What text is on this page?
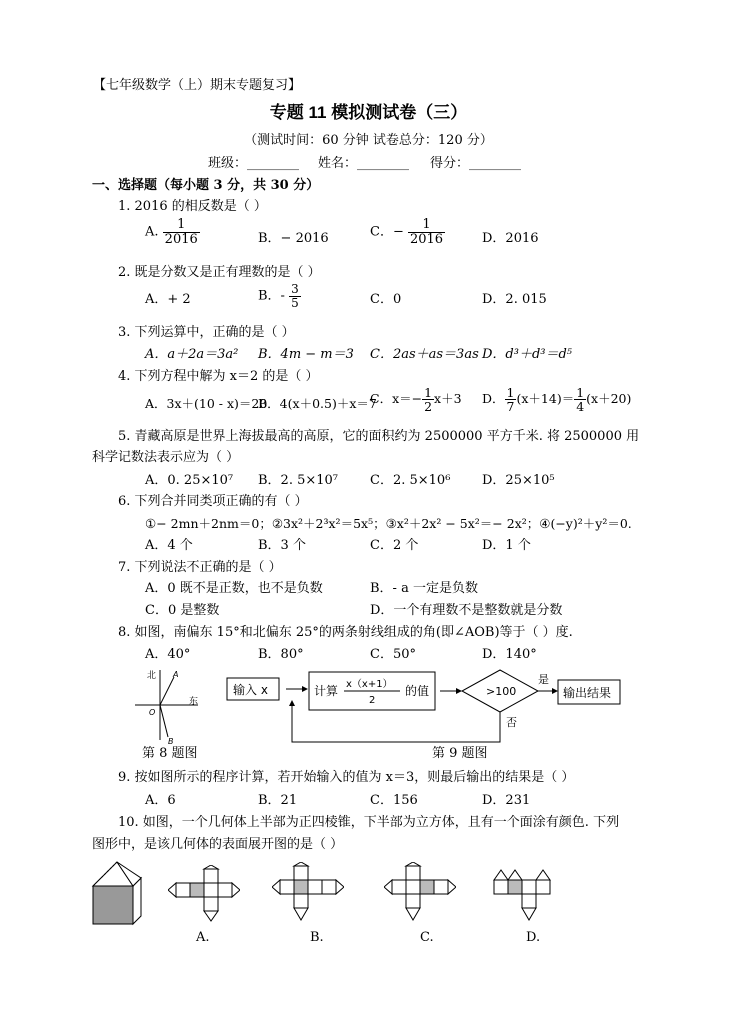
【七年级数学（上）期末专题复习】
专题 11 模拟测试卷（三）
（测试时间：60 分钟 试卷总分：120 分）
班级：________ 姓名：________ 得分：________
一、选择题（每小题 3 分，共 30 分）
1. 2016 的相反数是（ ）
A. $\frac{1}{2016}$	B．− 2016	C．− $\frac{1}{2016}$	D．2016
2. 既是分数又是正有理数的是（ ）
A．+ 2	B．- $\frac{3}{5}$	C．0	D．2. 015
3. 下列运算中，正确的是（ ）
A．a＋2a＝3a² B．4m − m＝3 C．2as＋as＝3as D．d³＋d³＝d⁵
4. 下列方程中解为 x＝2 的是（ ）
A．3x＋(10 - x)＝20
B．4(x＋0.5)＋x＝7
C．$x=- \frac{1}{2} x+3$ D． $\frac{1}{7} (x+14)= \frac{1}{4} (x+20)$
5. 青藏高原是世界上海拔最高的高原，它的面积约为 2500000 平方千米. 将 2500000 用
科学记数法表示应为（ ）
A．0. 25×10⁷ B．2. 5×10⁷ C．2. 5×10⁶ D．25×10⁵
6. 下列合并同类项正确的有（ ）
①− 2mn＋2nm＝0；②3x²＋2³x²＝5x⁵；③x²＋2x² − 5x²＝− 2x²；④(−y)²＋y²＝0.
A．4 个	B．3 个	C．2 个	D．1 个
7. 下列说法不正确的是（ ）
A．0 既不是正数，也不是负数	B．- a 一定是负数
C．0 是整数	D．一个有理数不是整数就是分数
8. 如图，南偏东 15°和北偏东 25°的两条射线组成的角(即∠AOB)等于（ ）度.
A．40°	B．80°	C．50°	D．140°
北 A
东
O
B
第 8 题图
输入 x	计算 x（x+1）
2
的值	>100
是
输出结果
否
第 9 题图
9. 按如图所示的程序计算，若开始输入的值为 x＝3，则最后输出的结果是（ ）
A．6	B．21	C．156	D．231
10. 如图，一个几何体上半部为正四棱锥，下半部为立方体，且有一个面涂有颜色. 下列
图形中，是该几何体的表面展开图的是（ ）
A.	B.	C.	D.
